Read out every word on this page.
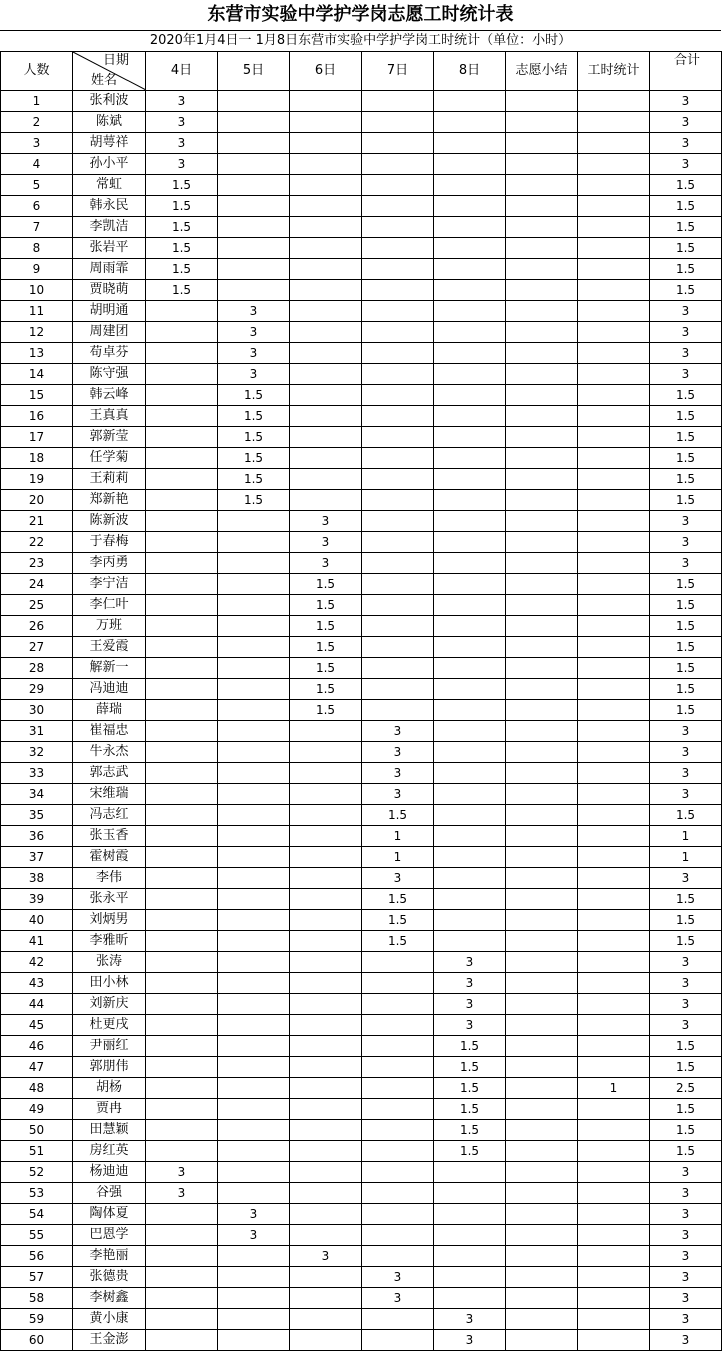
东营市实验中学护学岗志愿工时统计表
2020年1月4日一 1月8日东营市实验中学护学岗工时统计（单位：小时）
人数	日期
姓名	4日	5日	6日	7日	8日	志愿小结	工时统计	合计

1	张利波	3							3
2	陈斌	3							3
3	胡萼祥	3							3
4	孙小平	3							3
5	常虹	1.5							1.5
6	韩永民	1.5							1.5
7	李凯洁	1.5							1.5
8	张岩平	1.5							1.5
9	周雨霏	1.5							1.5
10	贾晓萌	1.5							1.5
11	胡明通		3						3
12	周建团		3						3
13	苟卓芬		3						3
14	陈守强		3						3
15	韩云峰		1.5						1.5
16	王真真		1.5						1.5
17	郭新莹		1.5						1.5
18	任学菊		1.5						1.5
19	王莉莉		1.5						1.5
20	郑新艳		1.5						1.5
21	陈新波			3					3
22	于春梅			3					3
23	李丙勇			3					3
24	李宁洁			1.5					1.5
25	李仁叶			1.5					1.5
26	万班			1.5					1.5
27	王爱霞			1.5					1.5
28	解新一			1.5					1.5
29	冯迪迪			1.5					1.5
30	薛瑞			1.5					1.5
31	崔福忠				3				3
32	牛永杰				3				3
33	郭志武				3				3
34	宋维瑞				3				3
35	冯志红				1.5				1.5
36	张玉香				1				1
37	霍树霞				1				1
38	李伟				3				3
39	张永平				1.5				1.5
40	刘炳男				1.5				1.5
41	李雅昕				1.5				1.5
42	张涛					3			3
43	田小林					3			3
44	刘新庆					3			3
45	杜更戌					3			3
46	尹丽红					1.5			1.5
47	郭朋伟					1.5			1.5
48	胡杨					1.5		1	2.5
49	贾冉					1.5			1.5
50	田慧颖					1.5			1.5
51	房红英					1.5			1.5
52	杨迪迪	3							3
53	谷强	3							3
54	陶体夏		3						3
55	巴恩学		3						3
56	李艳丽			3					3
57	张德贵				3				3
58	李树鑫				3				3
59	黄小康					3			3
60	王金澎					3			3
